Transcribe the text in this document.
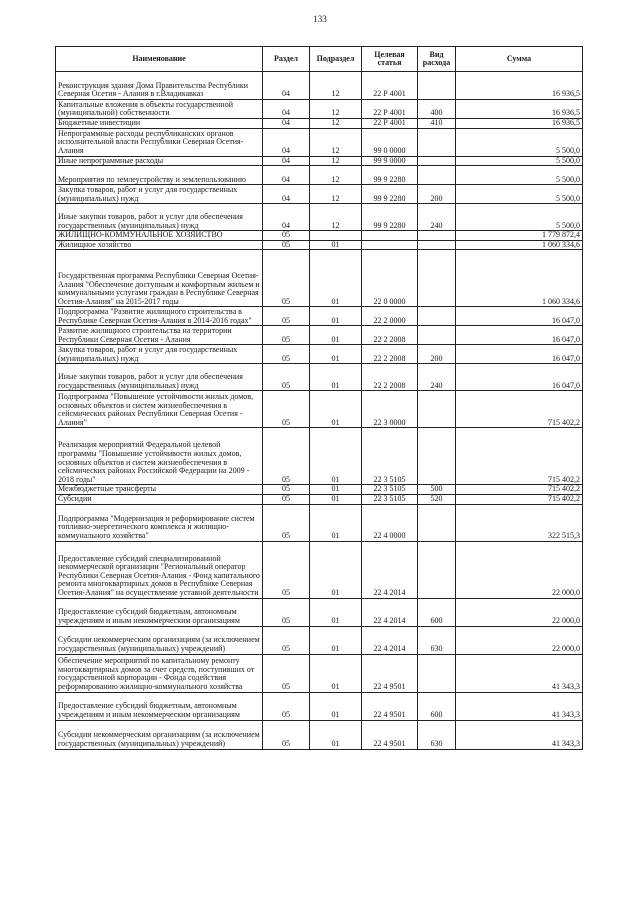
133
Наименование	Раздел	Подраздел	Целевая статья	Вид расхода	Сумма
Реконструкция здания Дома Правительства Республики Северная Осетия - Алания в г.Владикавказ	04	12	22 Р 4001		16 936,5
Капитальные вложения в объекты государственной (муниципальной) собственности	04	12	22 Р 4001	400	16 936,5
Бюджетные инвестиции	04	12	22 Р 4001	410	16 936,5
Непрограммные расходы республиканских органов исполнительной власти Республики Северная Осетия-Алания	04	12	99 0 0000		5 500,0
Иные непрограммные расходы	04	12	99 9 0000		5 500,0
Мероприятия по землеустройству и землепользованию	04	12	99 9 2280		5 500,0
Закупка товаров, работ и услуг для государственных (муниципальных) нужд	04	12	99 9 2280	200	5 500,0
Иные закупки товаров, работ и услуг для обеспечения государственных (муниципальных) нужд	04	12	99 9 2280	240	5 500,0
ЖИЛИЩНО-КОММУНАЛЬНОЕ ХОЗЯЙСТВО	05				1 779 872,4
Жилищное хозяйство	05	01			1 060 334,6
Государственная программа Республики Северная Осетия-Алания "Обеспечение доступным и комфортным жильем и коммунальными услугами граждан в Республике Северная Осетия-Алания" на 2015-2017 годы	05	01	22 0 0000		1 060 334,6
Подпрограмма "Развитие жилищного строительства в Республике Северная Осетия-Алания в 2014-2016 годах"	05	01	22 2 0000		16 047,0
Развитие жилищного строительства на территории Республики Северная Осетия - Алания	05	01	22 2 2008		16 047,0
Закупка товаров, работ и услуг для государственных (муниципальных) нужд	05	01	22 2 2008	200	16 047,0
Иные закупки товаров, работ и услуг для обеспечения государственных (муниципальных) нужд	05	01	22 2 2008	240	16 047,0
Подпрограмма "Повышение устойчивости жилых домов, основных объектов и систем жизнеобеспечения в сейсмических районах Республики Северная Осетия - Алания"	05	01	22 3 0000		715 402,2
Реализация мероприятий Федеральной целевой программы "Повышение устойчивости жилых домов, основных объектов и систем жизнеобеспечения в сейсмических районах Российской Федерации на 2009 - 2018 годы"	05	01	22 3 5105		715 402,2
Межбюджетные трансферты	05	01	22 3 5105	500	715 402,2
Субсидии	05	01	22 3 5105	520	715 402,2
Подпрограмма "Модернизация и реформирование систем топливно-энергетического комплекса и жилищно-коммунального хозяйства"	05	01	22 4 0000		322 515,3
Предоставление субсидий специализированной некоммерческой организации "Региональный оператор Республики Северная Осетия-Алания - Фонд капитального ремонта многоквартирных домов в Республике Северная Осетия-Алания" на осуществление уставной деятельности	05	01	22 4 2014		22 000,0
Предоставление субсидий бюджетным, автономным учреждениям и иным некоммерческим организациям	05	01	22 4 2014	600	22 000,0
Субсидии некоммерческим организациям (за исключением государственных (муниципальных) учреждений)	05	01	22 4 2014	630	22 000,0
Обеспечение мероприятий по капитальному ремонту многоквартирных домов за счет средств, поступивших от государственной корпорации - Фонда содействия реформированию жилищно-коммунального хозяйства	05	01	22 4 9501		41 343,3
Предоставление субсидий бюджетным, автономным учреждениям и иным некоммерческим организациям	05	01	22 4 9501	600	41 343,3
Субсидии некоммерческим организациям (за исключением государственных (муниципальных) учреждений)	05	01	22 4 9501	630	41 343,3
